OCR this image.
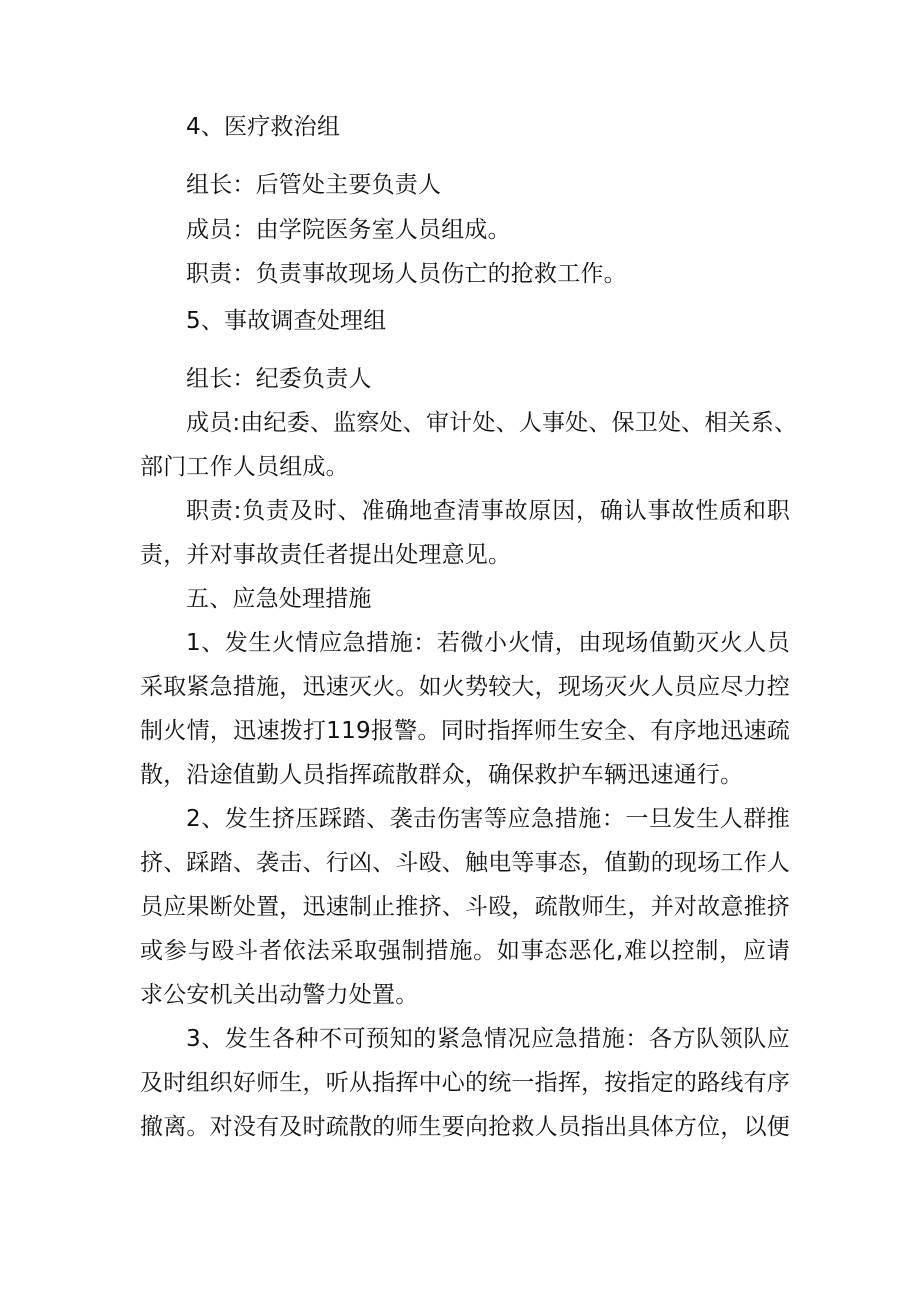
4、医疗救治组

组长：后管处主要负责人

成员：由学院医务室人员组成。

职责：负责事故现场人员伤亡的抢救工作。

5、事故调查处理组

组长：纪委负责人

成员:由纪委、监察处、审计处、人事处、保卫处、相关系、

部门工作人员组成。

职责:负责及时、准确地查清事故原因，确认事故性质和职

责，并对事故责任者提出处理意见。

五、应急处理措施

1、发生火情应急措施：若微小火情，由现场值勤灭火人员

采取紧急措施，迅速灭火。如火势较大，现场灭火人员应尽力控

制火情，迅速拨打119报警。同时指挥师生安全、有序地迅速疏

散，沿途值勤人员指挥疏散群众，确保救护车辆迅速通行。

2、发生挤压踩踏、袭击伤害等应急措施：一旦发生人群推

挤、踩踏、袭击、行凶、斗殴、触电等事态，值勤的现场工作人

员应果断处置，迅速制止推挤、斗殴，疏散师生，并对故意推挤

或参与殴斗者依法采取强制措施。如事态恶化,难以控制，应请

求公安机关出动警力处置。

3、发生各种不可预知的紧急情况应急措施：各方队领队应

及时组织好师生，听从指挥中心的统一指挥，按指定的路线有序

撤离。对没有及时疏散的师生要向抢救人员指出具体方位，以便
